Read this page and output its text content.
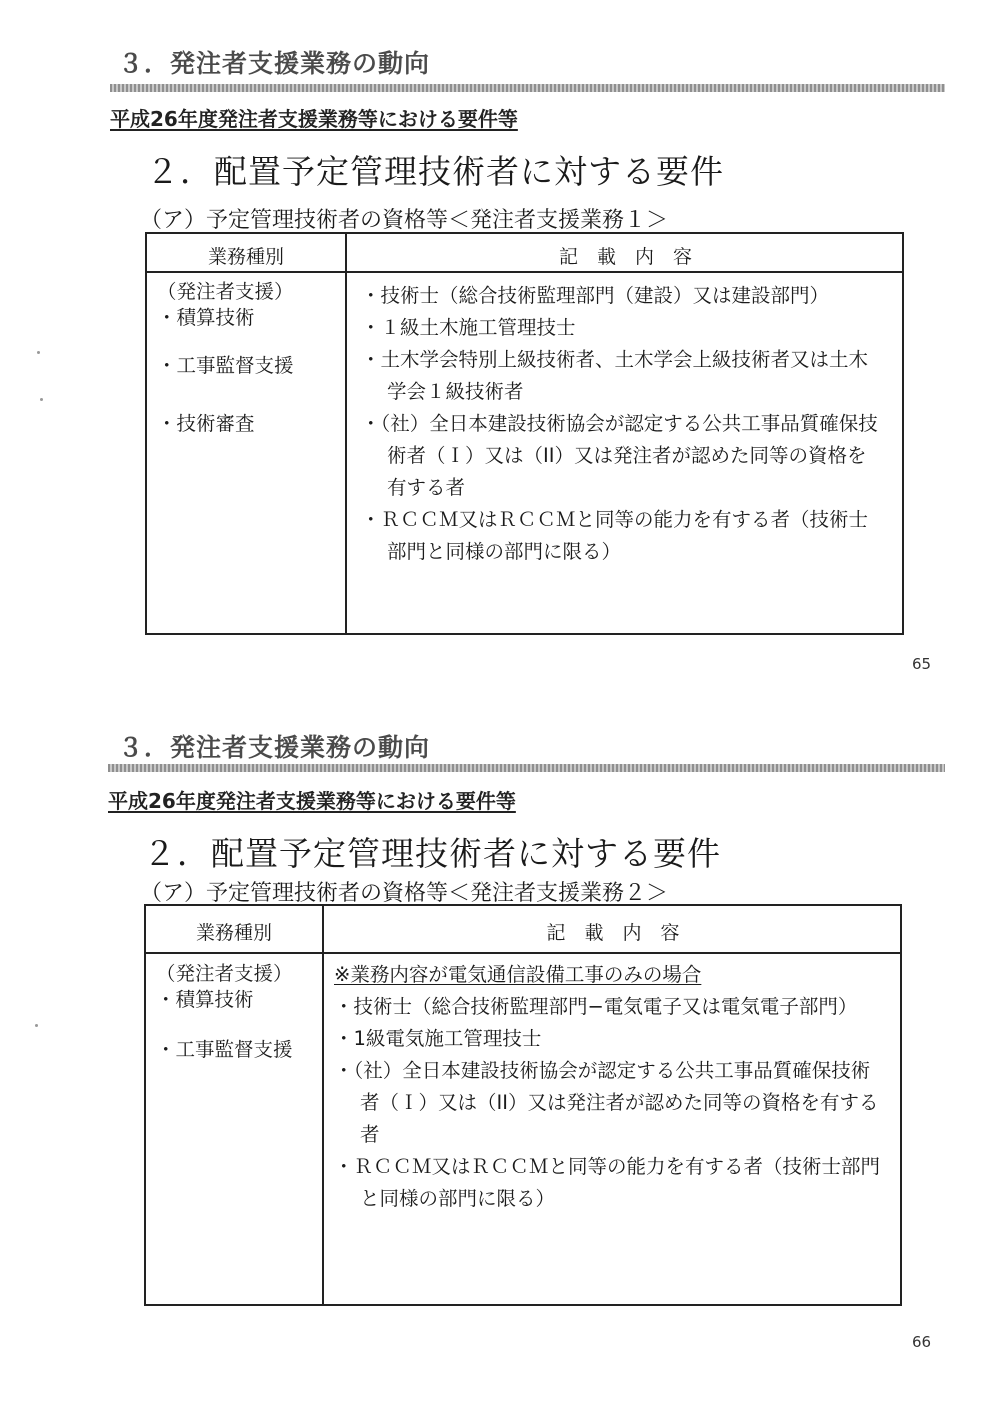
３．発注者支援業務の動向
平成26年度発注者支援業務等における要件等
２．配置予定管理技術者に対する要件
（ア）予定管理技術者の資格等＜発注者支援業務１＞
業務種別	記　載　内　容
（発注者支援）
・積算技術
・工事監督支援
・技術審査

・技術士（総合技術監理部門（建設）又は建設部門）

・１級土木施工管理技士

・土木学会特別上級技術者、土木学会上級技術者又は土木学会１級技術者

・（社）全日本建設技術協会が認定する公共工事品質確保技術者（Ｉ）又は（II）又は発注者が認めた同等の資格を有する者

・ＲＣＣＭ又はＲＣＣＭと同等の能力を有する者（技術士部門と同様の部門に限る）

65
３．発注者支援業務の動向
平成26年度発注者支援業務等における要件等
２．配置予定管理技術者に対する要件
（ア）予定管理技術者の資格等＜発注者支援業務２＞
業務種別	記　載　内　容
（発注者支援）
・積算技術
・工事監督支援

※業務内容が電気通信設備工事のみの場合

・技術士（総合技術監理部門−電気電子又は電気電子部門）

・1級電気施工管理技士

・（社）全日本建設技術協会が認定する公共工事品質確保技術者（Ｉ）又は（II）又は発注者が認めた同等の資格を有する者

・ＲＣＣＭ又はＲＣＣＭと同等の能力を有する者（技術士部門と同様の部門に限る）

66
